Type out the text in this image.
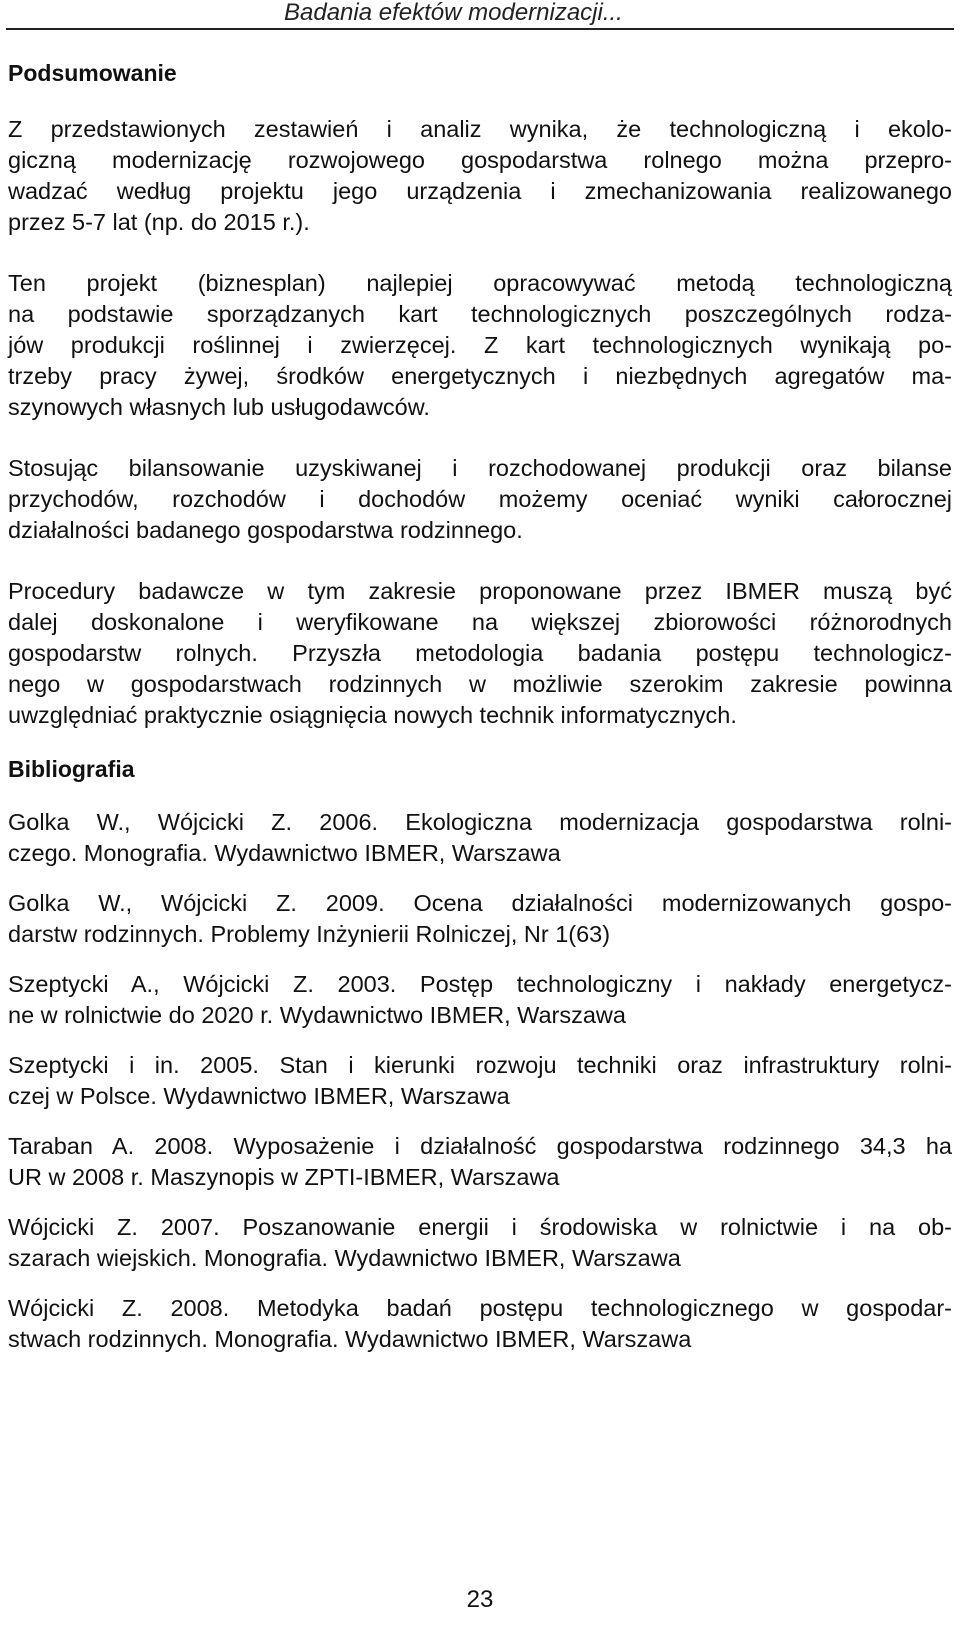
Badania efektów modernizacji...
Podsumowanie

Z przedstawionych zestawień i analiz wynika, że technologiczną i ekolo-
giczną modernizację rozwojowego gospodarstwa rolnego można przepro-
wadzać według projektu jego urządzenia i zmechanizowania realizowanego
przez 5-7 lat (np. do 2015 r.).

Ten projekt (biznesplan) najlepiej opracowywać metodą technologiczną
na podstawie sporządzanych kart technologicznych poszczególnych rodza-
jów produkcji roślinnej i zwierzęcej. Z kart technologicznych wynikają po-
trzeby pracy żywej, środków energetycznych i niezbędnych agregatów ma-
szynowych własnych lub usługodawców.

Stosując bilansowanie uzyskiwanej i rozchodowanej produkcji oraz bilanse
przychodów, rozchodów i dochodów możemy oceniać wyniki całorocznej
działalności badanego gospodarstwa rodzinnego.

Procedury badawcze w tym zakresie proponowane przez IBMER muszą być
dalej doskonalone i weryfikowane na większej zbiorowości różnorodnych
gospodarstw rolnych. Przyszła metodologia badania postępu technologicz-
nego w gospodarstwach rodzinnych w możliwie szerokim zakresie powinna
uwzględniać praktycznie osiągnięcia nowych technik informatycznych.

Bibliografia

Golka W., Wójcicki Z. 2006. Ekologiczna modernizacja gospodarstwa rolni-
czego. Monografia. Wydawnictwo IBMER, Warszawa

Golka W., Wójcicki Z. 2009. Ocena działalności modernizowanych gospo-
darstw rodzinnych. Problemy Inżynierii Rolniczej, Nr 1(63)

Szeptycki A., Wójcicki Z. 2003. Postęp technologiczny i nakłady energetycz-
ne w rolnictwie do 2020 r. Wydawnictwo IBMER, Warszawa

Szeptycki i in. 2005. Stan i kierunki rozwoju techniki oraz infrastruktury rolni-
czej w Polsce. Wydawnictwo IBMER, Warszawa

Taraban A. 2008. Wyposażenie i działalność gospodarstwa rodzinnego 34,3 ha
UR w 2008 r. Maszynopis w ZPTI-IBMER, Warszawa

Wójcicki Z. 2007. Poszanowanie energii i środowiska w rolnictwie i na ob-
szarach wiejskich. Monografia. Wydawnictwo IBMER, Warszawa

Wójcicki Z. 2008. Metodyka badań postępu technologicznego w gospodar-
stwach rodzinnych. Monografia. Wydawnictwo IBMER, Warszawa

23
